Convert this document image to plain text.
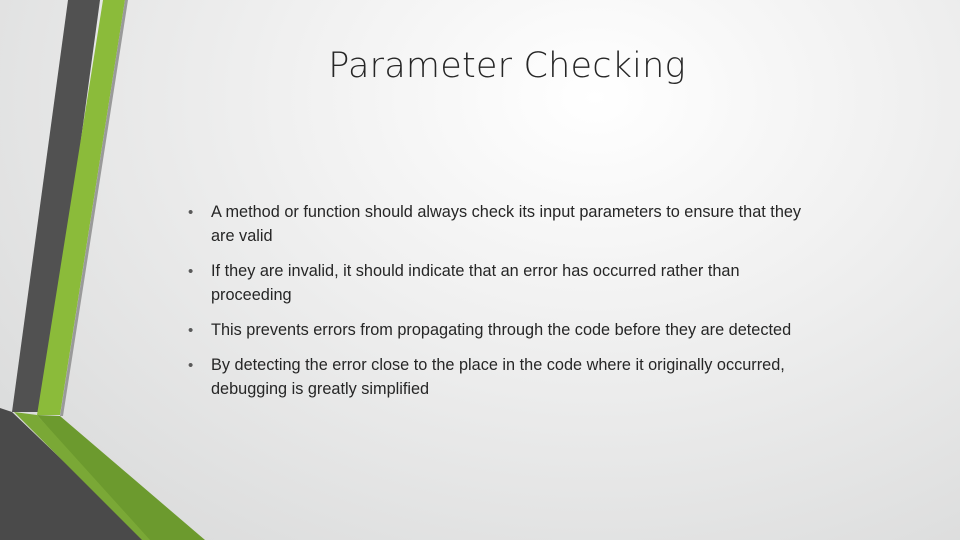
Parameter Checking
• A method or function should always check its input parameters to ensure that they are valid
• If they are invalid, it should indicate that an error has occurred rather than proceeding
• This prevents errors from propagating through the code before they are detected
• By detecting the error close to the place in the code where it originally occurred, debugging is greatly simplified
